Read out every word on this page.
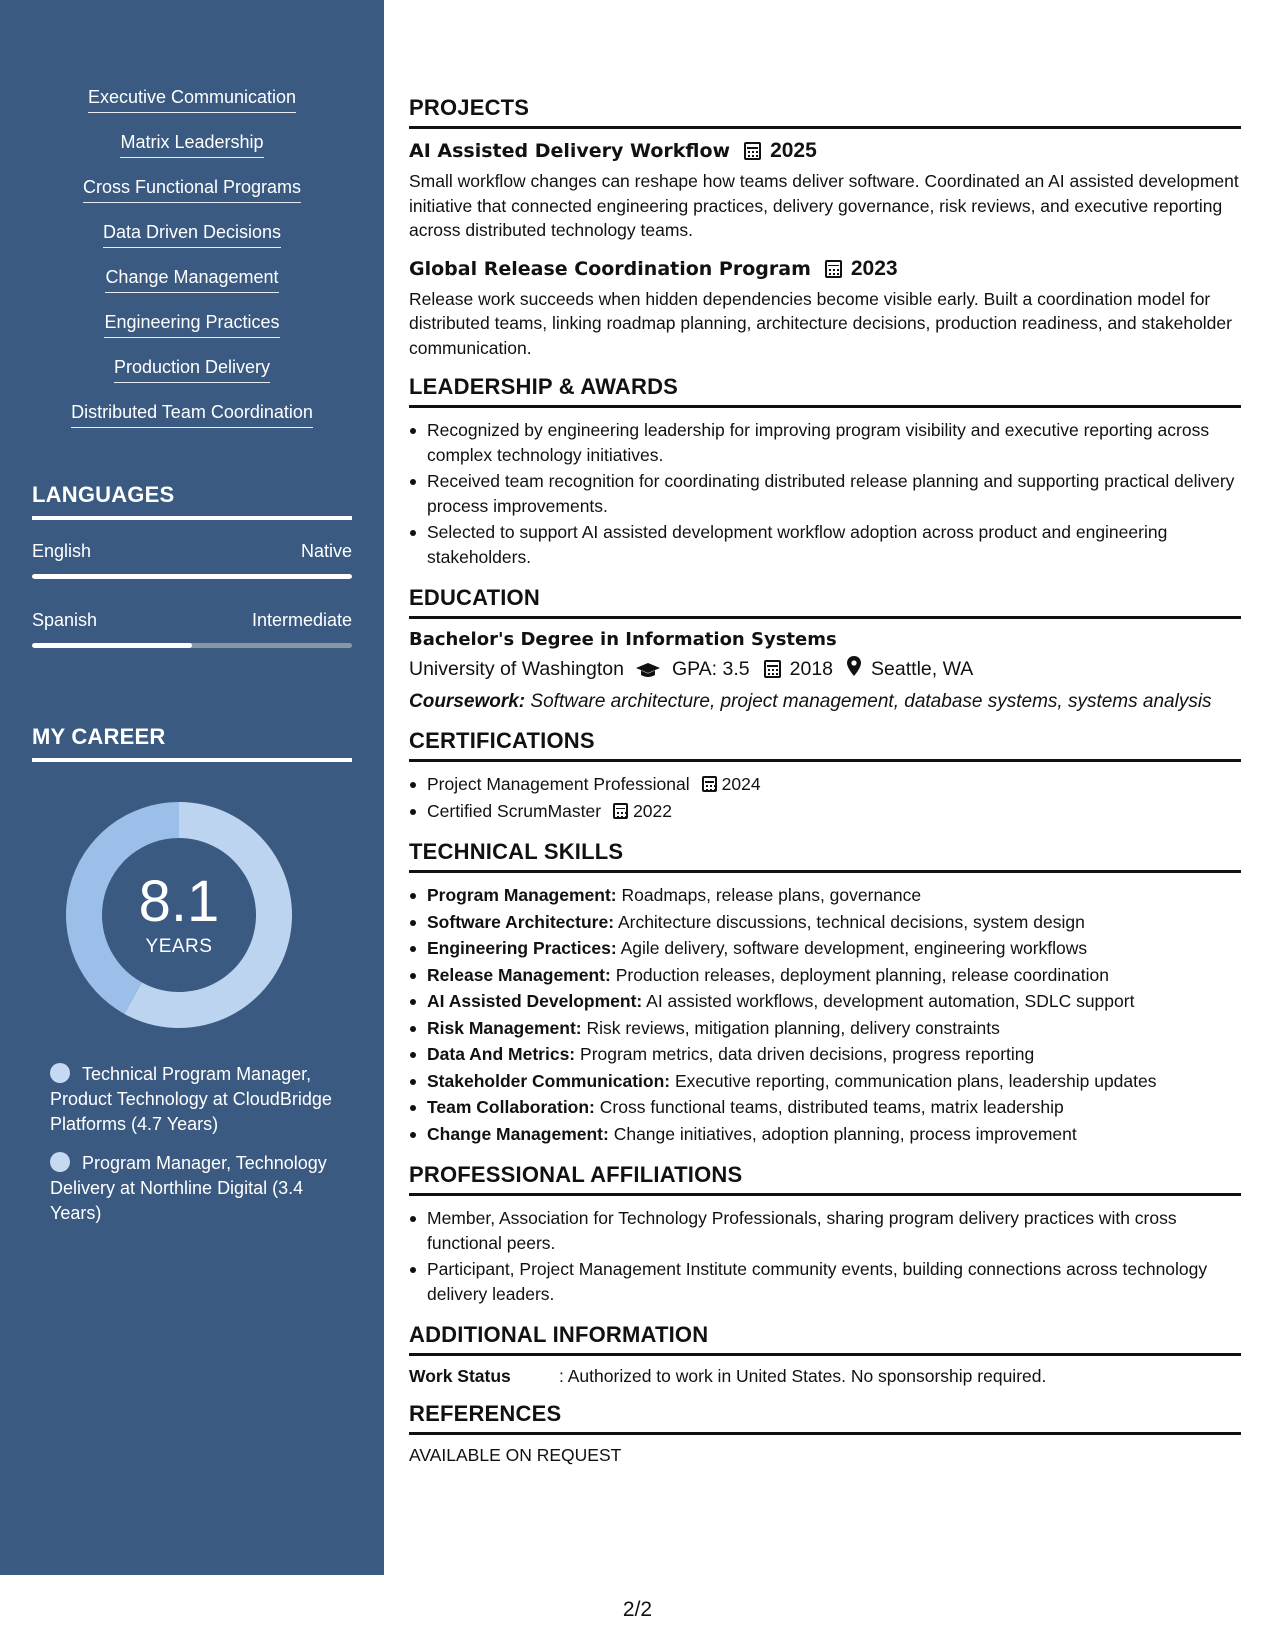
Executive Communication
Matrix Leadership
Cross Functional Programs
Data Driven Decisions
Change Management
Engineering Practices
Production Delivery
Distributed Team Coordination
LANGUAGES
English	Native
Spanish	Intermediate
MY CAREER
8.1
YEARS
Technical Program Manager, Product Technology at CloudBridge Platforms (4.7 Years)
Program Manager, Technology Delivery at Northline Digital (3.4 Years)
PROJECTS
AI Assisted Delivery Workflow 2025
Small workflow changes can reshape how teams deliver software. Coordinated an AI assisted development initiative that connected engineering practices, delivery governance, risk reviews, and executive reporting across distributed technology teams.
Global Release Coordination Program 2023
Release work succeeds when hidden dependencies become visible early. Built a coordination model for distributed teams, linking roadmap planning, architecture decisions, production readiness, and stakeholder communication.
LEADERSHIP & AWARDS
Recognized by engineering leadership for improving program visibility and executive reporting across complex technology initiatives.
Received team recognition for coordinating distributed release planning and supporting practical delivery process improvements.
Selected to support AI assisted development workflow adoption across product and engineering stakeholders.
EDUCATION
Bachelor's Degree in Information Systems
University of Washington GPA: 3.5 2018 Seattle, WA
Coursework: Software architecture, project management, database systems, systems analysis
CERTIFICATIONS
Project Management Professional 2024
Certified ScrumMaster 2022
TECHNICAL SKILLS
Program Management: Roadmaps, release plans, governance
Software Architecture: Architecture discussions, technical decisions, system design
Engineering Practices: Agile delivery, software development, engineering workflows
Release Management: Production releases, deployment planning, release coordination
AI Assisted Development: AI assisted workflows, development automation, SDLC support
Risk Management: Risk reviews, mitigation planning, delivery constraints
Data And Metrics: Program metrics, data driven decisions, progress reporting
Stakeholder Communication: Executive reporting, communication plans, leadership updates
Team Collaboration: Cross functional teams, distributed teams, matrix leadership
Change Management: Change initiatives, adoption planning, process improvement
PROFESSIONAL AFFILIATIONS
Member, Association for Technology Professionals, sharing program delivery practices with cross functional peers.
Participant, Project Management Institute community events, building connections across technology delivery leaders.
ADDITIONAL INFORMATION
Work Status	: Authorized to work in United States. No sponsorship required.
REFERENCES
AVAILABLE ON REQUEST
2/2
